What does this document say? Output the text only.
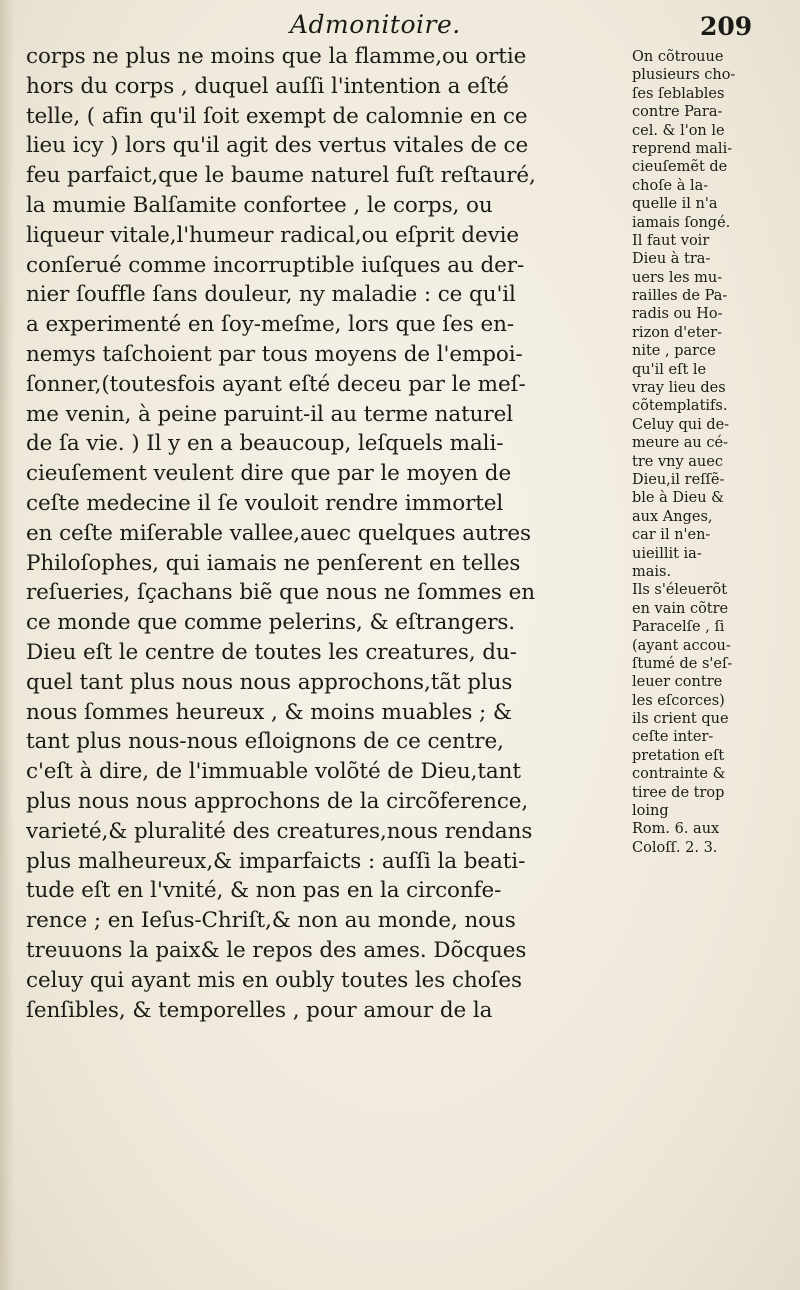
Admonitoire.	209
corps ne plus ne moins que la flamme,ou ortie
hors du corps , duquel auſſi l'intention a eſté
telle, ( afin qu'il ſoit exempt de calomnie en ce
lieu icy ) lors qu'il agit des vertus vitales de ce
feu parfaict,que le baume naturel fuſt reſtauré,
la mumie Balſamite confortee , le corps, ou
liqueur vitale,l'humeur radical,ou eſprit devie
conſerué comme incorruptible iuſques au der-
nier ſouffle ſans douleur, ny maladie : ce qu'il
a experimenté en ſoy-meſme, lors que ſes en-
nemys taſchoient par tous moyens de l'empoi-
ſonner,(toutesfois ayant eſté deceu par le meſ-
me venin, à peine paruint-il au terme naturel
de ſa vie. ) Il y en a beaucoup, leſquels mali-
cieuſement veulent dire que par le moyen de
ceſte medecine il ſe vouloit rendre immortel
en ceſte miſerable vallee,auec quelques autres
Philoſophes, qui iamais ne penſerent en telles
reſueries, ſçachans biẽ que nous ne ſommes en
ce monde que comme pelerins, & eſtrangers.
Dieu eſt le centre de toutes les creatures, du-
quel tant plus nous nous approchons,tãt plus
nous ſommes heureux , & moins muables ; &
tant plus nous-nous eſloignons de ce centre,
c'eſt à dire, de l'immuable volõté de Dieu,tant
plus nous nous approchons de la circõference,
varieté,& pluralité des creatures,nous rendans
plus malheureux,& imparfaicts : auſſi la beati-
tude eſt en l'vnité, & non pas en la circonfe-
rence ; en Ieſus-Chriſt,& non au monde, nous
treuuons la paix& le repos des ames. Dõcques
celuy qui ayant mis en oubly toutes les choſes
ſenſibles, & temporelles , pour amour de la
On cõtrouue
plusieurs cho-
ſes ſeblables
contre Para-
cel. & l'on le
reprend mali-
cieuſemẽt de
choſe à la-
quelle il n'a
iamais ſongé.
Il faut voir
Dieu à tra-
uers les mu-
railles de Pa-
radis ou Ho-
rizon d'eter-
nite , parce
qu'il eſt le
vray lieu des
cõtemplatifs.
Celuy qui de-
meure au cé-
tre vny auec
Dieu,il reſſẽ-
ble à Dieu &
aux Anges,
car il n'en-
uieillit ia-
mais.
Ils s'éleuerõt
en vain cõtre
Paracelſe , ſi
(ayant accou-
ſtumé de s'eſ-
leuer contre
les eſcorces)
ils crient que
ceſte inter-
pretation eſt
contrainte &
tiree de trop
loing
Rom. 6. aux
Coloſſ. 2. 3.
